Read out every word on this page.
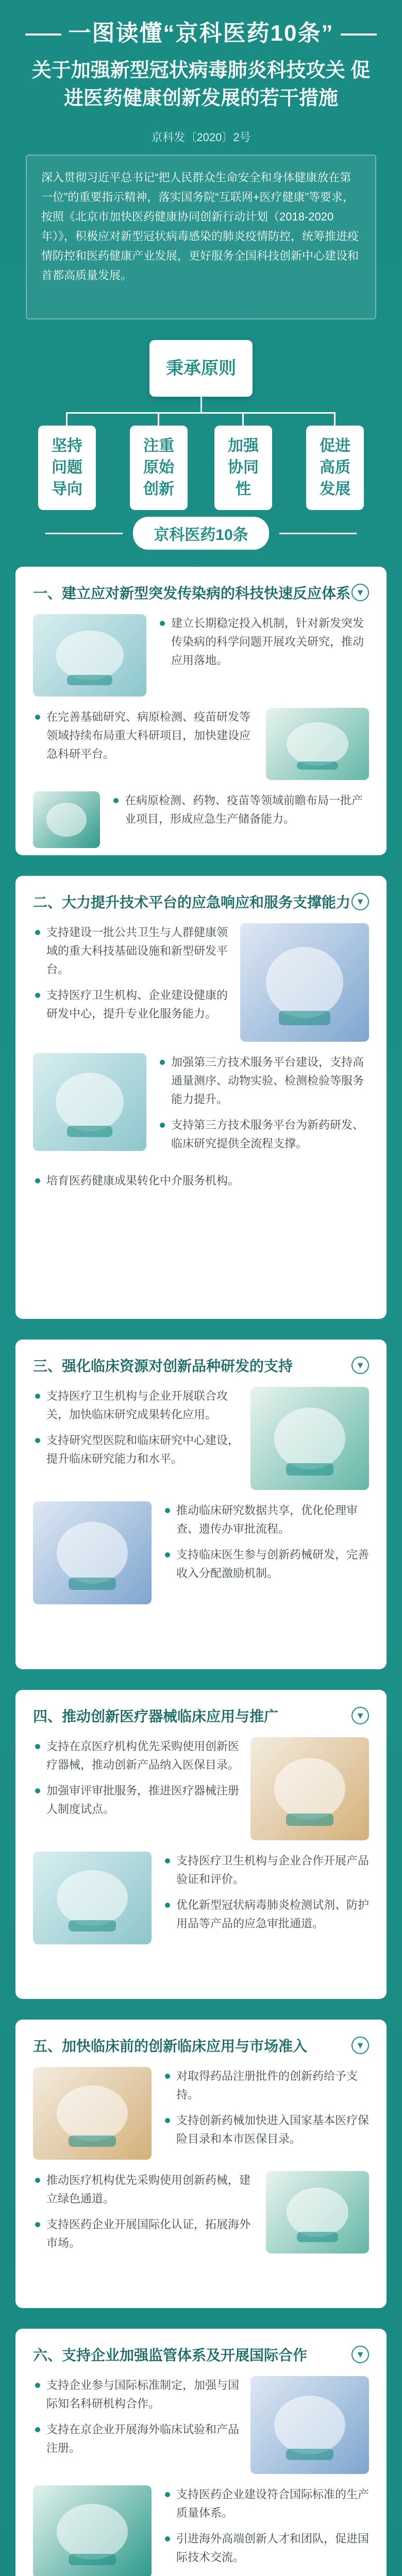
一图读懂“京科医药10条”
关于加强新型冠状病毒肺炎科技攻关 促进医药健康创新发展的若干措施
京科发〔2020〕2号
深入贯彻习近平总书记“把人民群众生命安全和身体健康放在第一位”的重要指示精神，落实国务院“互联网+医疗健康”等要求，按照《北京市加快医药健康协同创新行动计划（2018-2020年）》，积极应对新型冠状病毒感染的肺炎疫情防控，统筹推进疫情防控和医药健康产业发展，更好服务全国科技创新中心建设和首都高质量发展。
秉承原则
坚持问题导向
注重原始创新
加强协同性
促进高质发展
京科医药10条
一、建立应对新型突发传染病的科技快速反应体系 ▼

建立长期稳定投入机制，针对新发突发传染病的科学问题开展攻关研究，推动应用落地。

在完善基础研究、病原检测、疫苗研发等领域持续布局重大科研项目，加快建设应急科研平台。

在病原检测、药物、疫苗等领域前瞻布局一批产业项目，形成应急生产储备能力。

二、大力提升技术平台的应急响应和服务支撑能力 ▼

支持建设一批公共卫生与人群健康领域的重大科技基础设施和新型研发平台。

支持医疗卫生机构、企业建设健康的研发中心，提升专业化服务能力。

加强第三方技术服务平台建设，支持高通量测序、动物实验、检测检验等服务能力提升。

支持第三方技术服务平台为新药研发、临床研究提供全流程支撑。

培育医药健康成果转化中介服务机构。

三、强化临床资源对创新品种研发的支持	▼

支持医疗卫生机构与企业开展联合攻关，加快临床研究成果转化应用。

支持研究型医院和临床研究中心建设，提升临床研究能力和水平。

推动临床研究数据共享，优化伦理审查、遗传办审批流程。

支持临床医生参与创新药械研发，完善收入分配激励机制。

四、推动创新医疗器械临床应用与推广	▼

支持在京医疗机构优先采购使用创新医疗器械，推动创新产品纳入医保目录。

加强审评审批服务，推进医疗器械注册人制度试点。

支持医疗卫生机构与企业合作开展产品验证和评价。

优化新型冠状病毒肺炎检测试剂、防护用品等产品的应急审批通道。

五、加快临床前的创新临床应用与市场准入	▼

对取得药品注册批件的创新药给予支持。

支持创新药械加快进入国家基本医疗保险目录和本市医保目录。

推动医疗机构优先采购使用创新药械，建立绿色通道。

支持医药企业开展国际化认证，拓展海外市场。

六、支持企业加强监管体系及开展国际合作	▼

支持企业参与国际标准制定，加强与国际知名科研机构合作。

支持在京企业开展海外临床试验和产品注册。

支持医药企业建设符合国际标准的生产质量体系。

引进海外高端创新人才和团队，促进国际技术交流。
